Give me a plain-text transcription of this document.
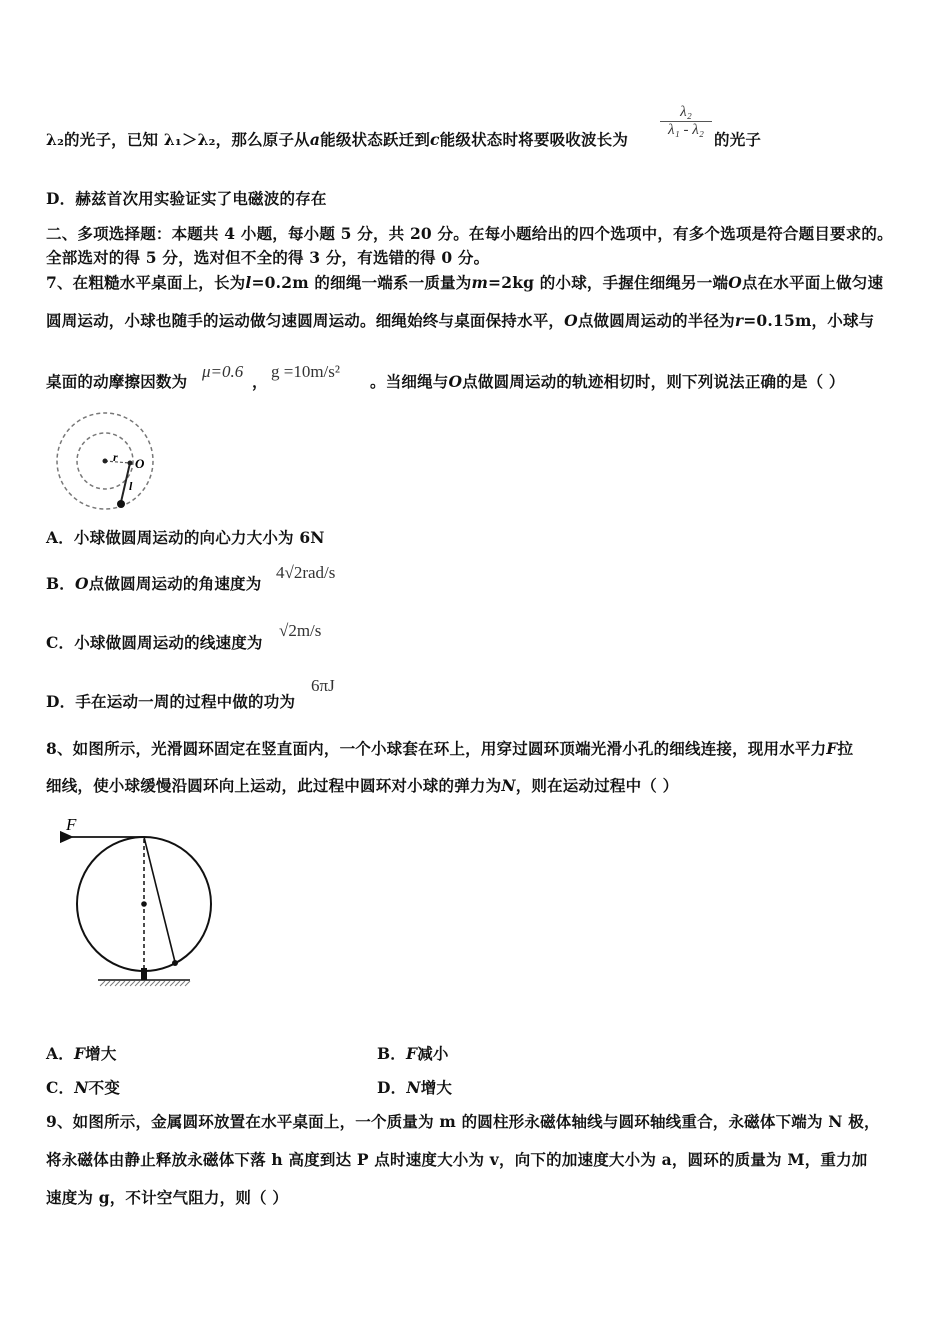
λ₂
λ₁ - λ₂
λ₂的光子，已知 λ₁＞λ₂，那么原子从a能级状态跃迁到c能级状态时将要吸收波长为	的光子
D．赫兹首次用实验证实了电磁波的存在
二、多项选择题：本题共 4 小题，每小题 5 分，共 20 分。在每小题给出的四个选项中，有多个选项是符合题目要求的。
全部选对的得 5 分，选对但不全的得 3 分，有选错的得 0 分。
7、在粗糙水平桌面上，长为l=0.2m 的细绳一端系一质量为m=2kg 的小球，手握住细绳另一端O点在水平面上做匀速
圆周运动，小球也随手的运动做匀速圆周运动。细绳始终与桌面保持水平，O点做圆周运动的半径为r=0.15m，小球与
桌面的动摩擦因数为
μ=0.6
，
g =10m/s²
。当细绳与O点做圆周运动的轨迹相切时，则下列说法正确的是（ ）
r O
l
A．小球做圆周运动的向心力大小为 6N
B．O点做圆周运动的角速度为
4√2rad/s
C．小球做圆周运动的线速度为
√2m/s
D．手在运动一周的过程中做的功为
6πJ
8、如图所示，光滑圆环固定在竖直面内，一个小球套在环上，用穿过圆环顶端光滑小孔的细线连接，现用水平力F拉
细线，使小球缓慢沿圆环向上运动，此过程中圆环对小球的弹力为N，则在运动过程中（ ）
F
A．F增大	B．F减小
C．N不变	D．N增大
9、如图所示，金属圆环放置在水平桌面上，一个质量为 m 的圆柱形永磁体轴线与圆环轴线重合，永磁体下端为 N 极，
将永磁体由静止释放永磁体下落 h 高度到达 P 点时速度大小为 v，向下的加速度大小为 a，圆环的质量为 M，重力加
速度为 g，不计空气阻力，则（ ）
